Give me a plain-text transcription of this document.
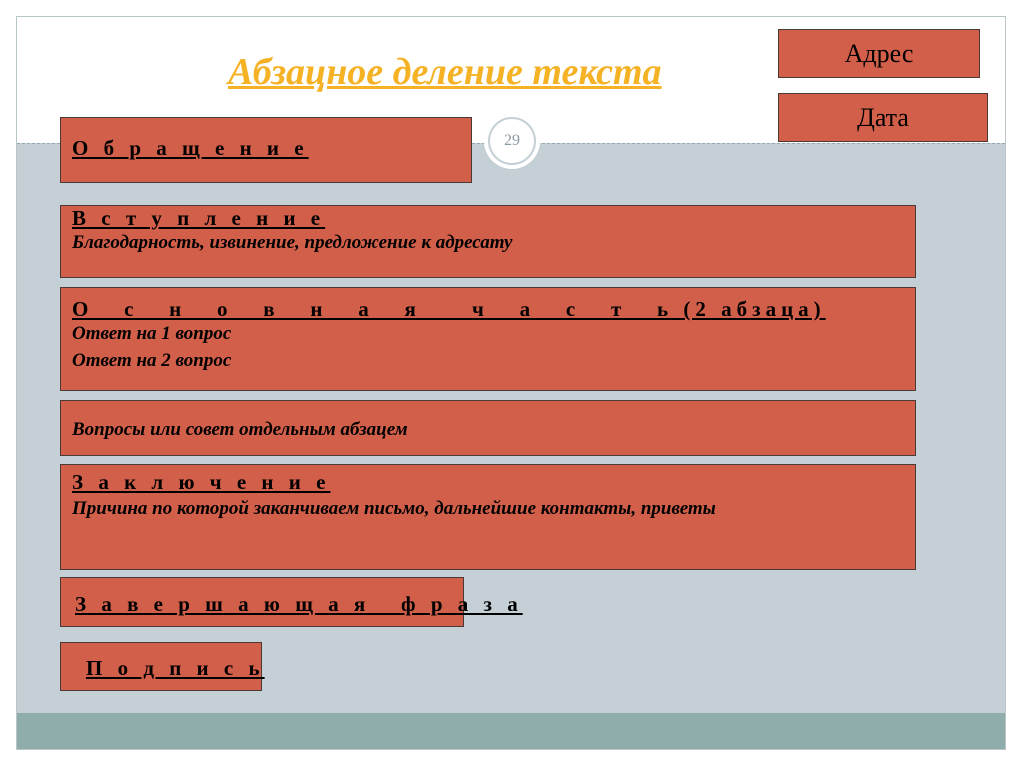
Абзацное деление текста
29
Адрес
Дата
О б р а щ е н и е
В с т у п л е н и е
Благодарность, извинение, предложение к адресату
О   с   н   о   в   н   а   я     ч   а   с   т   ь (2 абзаца)
Ответ на 1 вопрос
Ответ на 2 вопрос
Вопросы или совет отдельным абзацем
З а к л ю ч е н и е
Причина по которой заканчиваем письмо, дальнейшие контакты, приветы
З а в е р ш а ю щ а я   ф р а з а
П о д п и с ь
